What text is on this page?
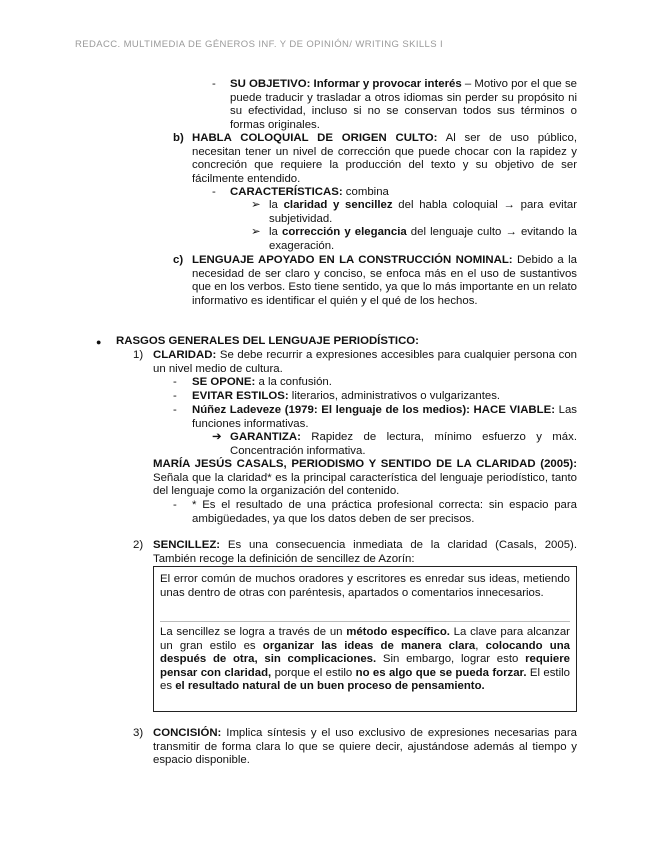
REDACC. MULTIMEDIA DE GÉNEROS INF. Y DE OPINIÓN/ WRITING SKILLS I
- SU OBJETIVO: Informar y provocar interés – Motivo por el que se puede traducir y trasladar a otros idiomas sin perder su propósito ni su efectividad, incluso si no se conservan todos sus términos o formas originales.
b) HABLA COLOQUIAL DE ORIGEN CULTO: Al ser de uso público, necesitan tener un nivel de corrección que puede chocar con la rapidez y concreción que requiere la producción del texto y su objetivo de ser fácilmente entendido.
- CARACTERÍSTICAS: combina
➢ la claridad y sencillez del habla coloquial → para evitar subjetividad.
➢ la corrección y elegancia del lenguaje culto → evitando la exageración.
c) LENGUAJE APOYADO EN LA CONSTRUCCIÓN NOMINAL: Debido a la necesidad de ser claro y conciso, se enfoca más en el uso de sustantivos que en los verbos. Esto tiene sentido, ya que lo más importante en un relato informativo es identificar el quién y el qué de los hechos.
● RASGOS GENERALES DEL LENGUAJE PERIODÍSTICO:
1) CLARIDAD: Se debe recurrir a expresiones accesibles para cualquier persona con un nivel medio de cultura.
- SE OPONE: a la confusión.
- EVITAR ESTILOS: literarios, administrativos o vulgarizantes.
- Núñez Ladeveze (1979: El lenguaje de los medios): HACE VIABLE: Las funciones informativas.
➔ GARANTIZA: Rapidez de lectura, mínimo esfuerzo y máx. Concentración informativa.
MARÍA JESÚS CASALS, PERIODISMO Y SENTIDO DE LA CLARIDAD (2005): Señala que la claridad* es la principal característica del lenguaje periodístico, tanto del lenguaje como la organización del contenido.
- * Es el resultado de una práctica profesional correcta: sin espacio para ambigüedades, ya que los datos deben de ser precisos.
2) SENCILLEZ: Es una consecuencia inmediata de la claridad (Casals, 2005). También recoge la definición de sencillez de Azorín:
El error común de muchos oradores y escritores es enredar sus ideas, metiendo unas dentro de otras con paréntesis, apartados o comentarios innecesarios.
La sencillez se logra a través de un método específico. La clave para alcanzar un gran estilo es organizar las ideas de manera clara, colocando una después de otra, sin complicaciones. Sin embargo, lograr esto requiere pensar con claridad, porque el estilo no es algo que se pueda forzar. El estilo es el resultado natural de un buen proceso de pensamiento.
3) CONCISIÓN: Implica síntesis y el uso exclusivo de expresiones necesarias para transmitir de forma clara lo que se quiere decir, ajustándose además al tiempo y espacio disponible.
